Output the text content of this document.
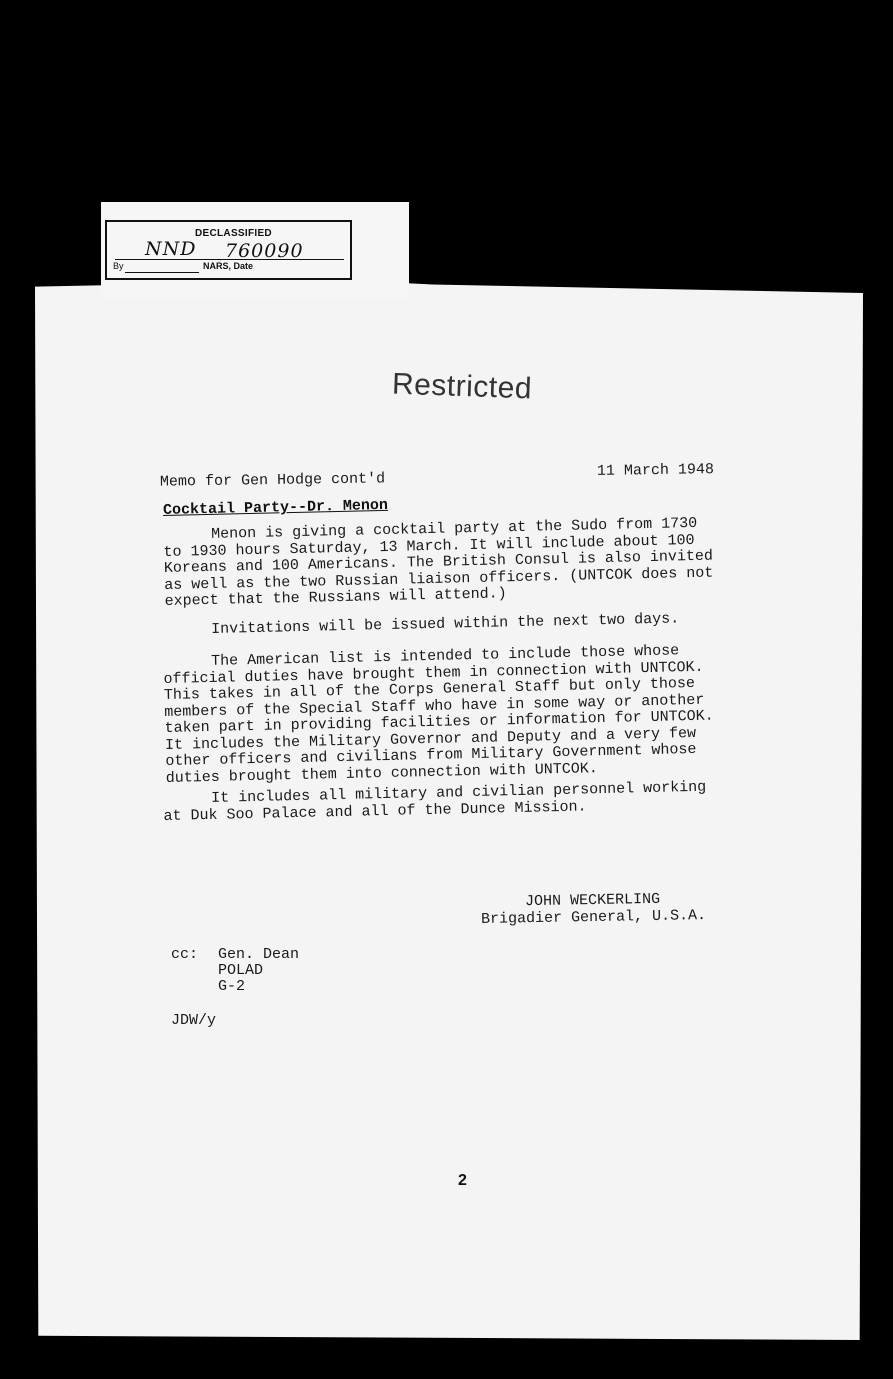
DECLASSIFIED
NND 760090
By	NARS, Date
Restricted
Memo for Gen Hodge cont'd	11 March 1948
Cocktail Party--Dr. Menon
Menon is giving a cocktail party at the Sudo from 1730
to 1930 hours Saturday, 13 March. It will include about 100
Koreans and 100 Americans. The British Consul is also invited
as well as the two Russian liaison officers. (UNTCOK does not
expect that the Russians will attend.)
Invitations will be issued within the next two days.
The American list is intended to include those whose
official duties have brought them in connection with UNTCOK.
This takes in all of the Corps General Staff but only those
members of the Special Staff who have in some way or another
taken part in providing facilities or information for UNTCOK.
It includes the Military Governor and Deputy and a very few
other officers and civilians from Military Government whose
duties brought them into connection with UNTCOK.
It includes all military and civilian personnel working
at Duk Soo Palace and all of the Dunce Mission.
JOHN WECKERLING
Brigadier General, U.S.A.
cc: Gen. Dean
POLAD
G-2
JDW/y
2
